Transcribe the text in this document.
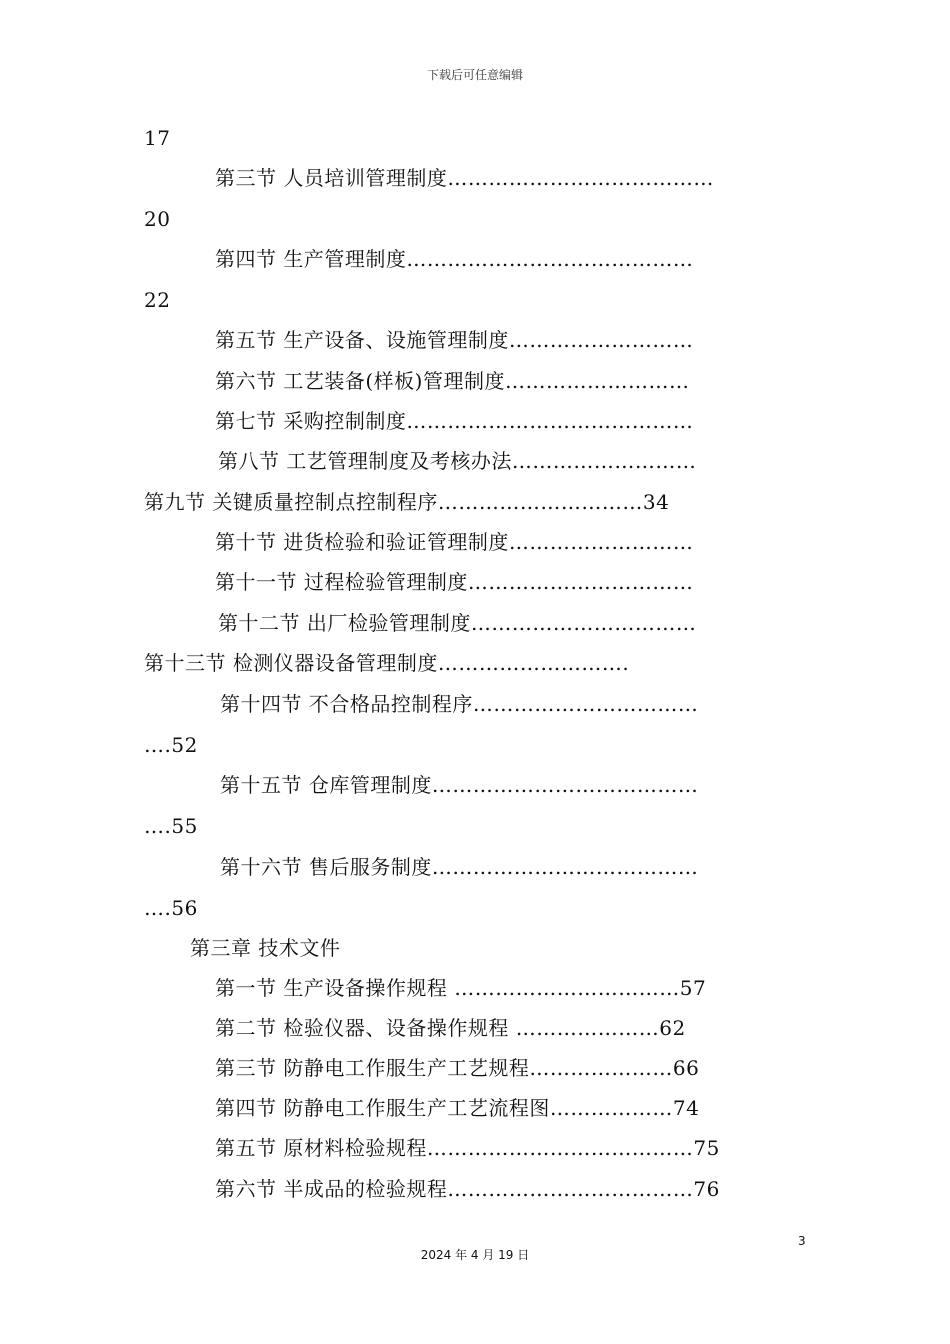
下载后可任意编辑
17
第三节 人员培训管理制度…………………………………
20
第四节 生产管理制度……………………………………
22
第五节 生产设备、设施管理制度………………………
第六节 工艺装备(样板)管理制度………………………
第七节 采购控制制度……………………………………
第八节 工艺管理制度及考核办法………………………
第九节 关键质量控制点控制程序…………………………34
第十节 进货检验和验证管理制度………………………
第十一节 过程检验管理制度……………………………
第十二节 出厂检验管理制度……………………………
第十三节 检测仪器设备管理制度……………………….
第十四节 不合格品控制程序……………………………
….52
第十五节 仓库管理制度…………………………………
….55
第十六节 售后服务制度…………………………………
….56
第三章 技术文件
第一节 生产设备操作规程 ……………………………57
第二节 检验仪器、设备操作规程 …………………62
第三节 防静电工作服生产工艺规程…………………66
第四节 防静电工作服生产工艺流程图………………74
第五节 原材料检验规程…………………………………75
第六节 半成品的检验规程………………………………76
3
2024 年 4 月 19 日
